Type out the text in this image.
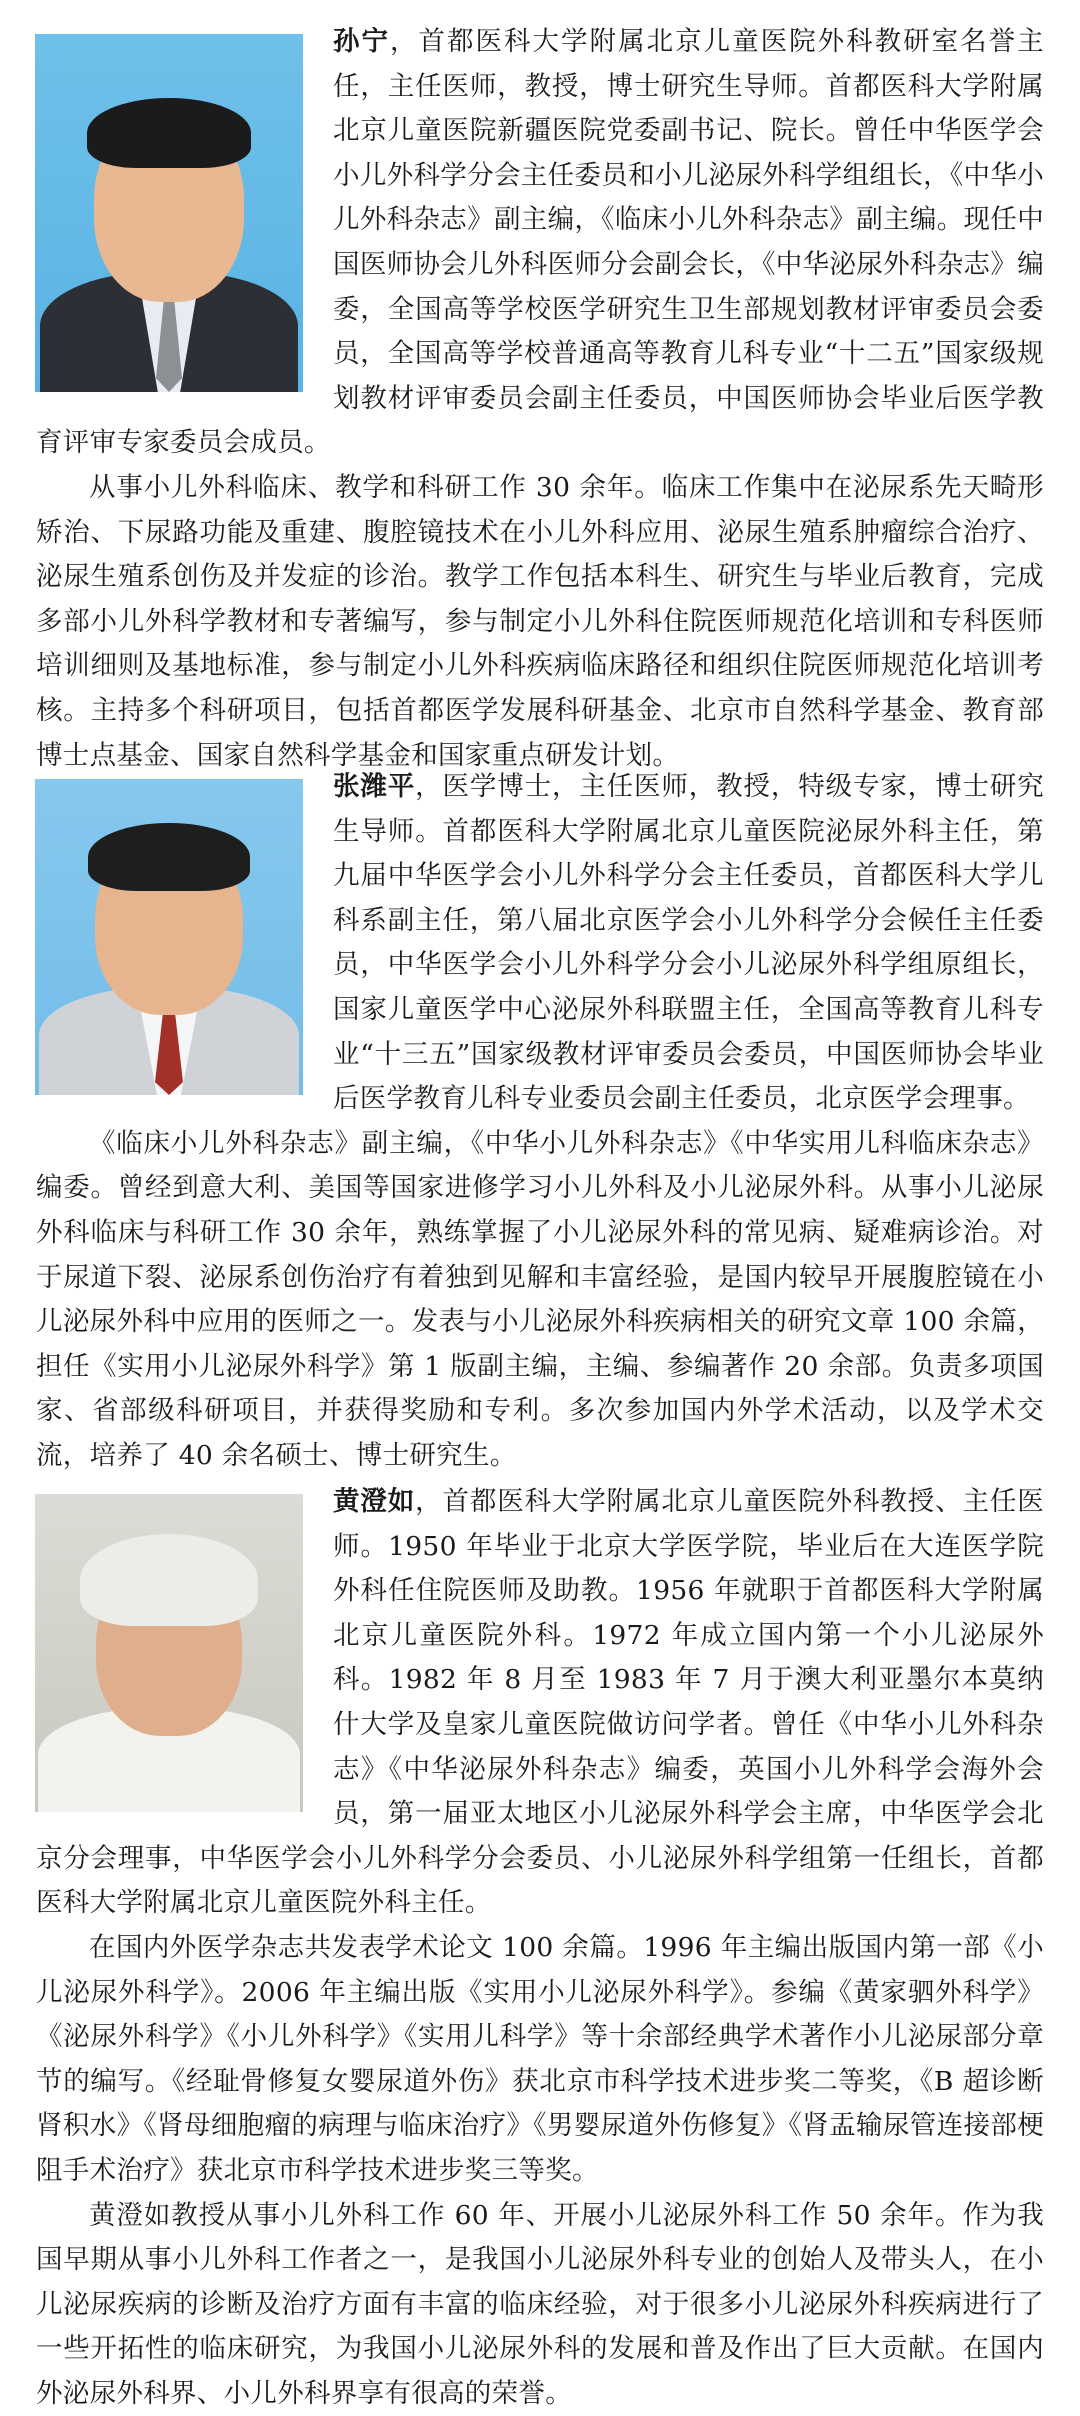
孙宁，首都医科大学附属北京儿童医院外科教研室名誉主任，主任医师，教授，博士研究生导师。首都医科大学附属北京儿童医院新疆医院党委副书记、院长。曾任中华医学会小儿外科学分会主任委员和小儿泌尿外科学组组长，《中华小儿外科杂志》副主编，《临床小儿外科杂志》副主编。现任中国医师协会儿外科医师分会副会长，《中华泌尿外科杂志》编委，全国高等学校医学研究生卫生部规划教材评审委员会委员，全国高等学校普通高等教育儿科专业“十二五”国家级规划教材评审委员会副主任委员，中国医师协会毕业后医学教育评审专家委员会成员。

从事小儿外科临床、教学和科研工作 30 余年。临床工作集中在泌尿系先天畸形矫治、下尿路功能及重建、腹腔镜技术在小儿外科应用、泌尿生殖系肿瘤综合治疗、泌尿生殖系创伤及并发症的诊治。教学工作包括本科生、研究生与毕业后教育，完成多部小儿外科学教材和专著编写，参与制定小儿外科住院医师规范化培训和专科医师培训细则及基地标准，参与制定小儿外科疾病临床路径和组织住院医师规范化培训考核。主持多个科研项目，包括首都医学发展科研基金、北京市自然科学基金、教育部博士点基金、国家自然科学基金和国家重点研发计划。

张潍平，医学博士，主任医师，教授，特级专家，博士研究生导师。首都医科大学附属北京儿童医院泌尿外科主任，第九届中华医学会小儿外科学分会主任委员，首都医科大学儿科系副主任，第八届北京医学会小儿外科学分会候任主任委员，中华医学会小儿外科学分会小儿泌尿外科学组原组长，国家儿童医学中心泌尿外科联盟主任，全国高等教育儿科专业“十三五”国家级教材评审委员会委员，中国医师协会毕业后医学教育儿科专业委员会副主任委员，北京医学会理事。

《临床小儿外科杂志》副主编，《中华小儿外科杂志》《中华实用儿科临床杂志》编委。曾经到意大利、美国等国家进修学习小儿外科及小儿泌尿外科。从事小儿泌尿外科临床与科研工作 30 余年，熟练掌握了小儿泌尿外科的常见病、疑难病诊治。对于尿道下裂、泌尿系创伤治疗有着独到见解和丰富经验，是国内较早开展腹腔镜在小儿泌尿外科中应用的医师之一。发表与小儿泌尿外科疾病相关的研究文章 100 余篇，担任《实用小儿泌尿外科学》第 1 版副主编，主编、参编著作 20 余部。负责多项国家、省部级科研项目，并获得奖励和专利。多次参加国内外学术活动，以及学术交流，培养了 40 余名硕士、博士研究生。

黄澄如，首都医科大学附属北京儿童医院外科教授、主任医师。1950 年毕业于北京大学医学院，毕业后在大连医学院外科任住院医师及助教。1956 年就职于首都医科大学附属北京儿童医院外科。1972 年成立国内第一个小儿泌尿外科。1982 年 8 月至 1983 年 7 月于澳大利亚墨尔本莫纳什大学及皇家儿童医院做访问学者。曾任《中华小儿外科杂志》《中华泌尿外科杂志》编委，英国小儿外科学会海外会员，第一届亚太地区小儿泌尿外科学会主席，中华医学会北京分会理事，中华医学会小儿外科学分会委员、小儿泌尿外科学组第一任组长，首都医科大学附属北京儿童医院外科主任。

在国内外医学杂志共发表学术论文 100 余篇。1996 年主编出版国内第一部《小儿泌尿外科学》。2006 年主编出版《实用小儿泌尿外科学》。参编《黄家驷外科学》《泌尿外科学》《小儿外科学》《实用儿科学》等十余部经典学术著作小儿泌尿部分章节的编写。《经耻骨修复女婴尿道外伤》获北京市科学技术进步奖二等奖，《B 超诊断肾积水》《肾母细胞瘤的病理与临床治疗》《男婴尿道外伤修复》《肾盂输尿管连接部梗阻手术治疗》获北京市科学技术进步奖三等奖。

黄澄如教授从事小儿外科工作 60 年、开展小儿泌尿外科工作 50 余年。作为我国早期从事小儿外科工作者之一，是我国小儿泌尿外科专业的创始人及带头人，在小儿泌尿疾病的诊断及治疗方面有丰富的临床经验，对于很多小儿泌尿外科疾病进行了一些开拓性的临床研究，为我国小儿泌尿外科的发展和普及作出了巨大贡献。在国内外泌尿外科界、小儿外科界享有很高的荣誉。
